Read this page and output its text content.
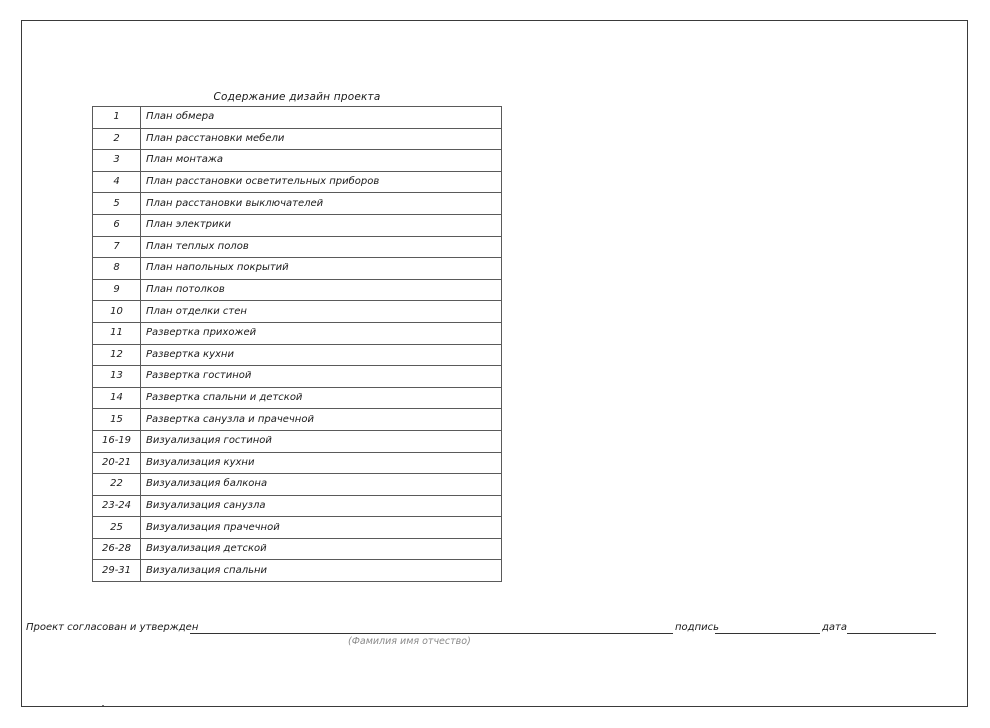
Содержание дизайн проекта
1	План обмера
2	План расстановки мебели
3	План монтажа
4	План расстановки осветительных приборов
5	План расстановки выключателей
6	План электрики
7	План теплых полов
8	План напольных покрытий
9	План потолков
10	План отделки стен
11	Развертка прихожей
12	Развертка кухни
13	Развертка гостиной
14	Развертка спальни и детской
15	Развертка санузла и прачечной
16-19	Визуализация гостиной
20-21	Визуализация кухни
22	Визуализация балкона
23-24	Визуализация санузла
25	Визуализация прачечной
26-28	Визуализация детской
29-31	Визуализация спальни
Проект согласован и утвержден	подпись	дата
(Фамилия имя отчество)
